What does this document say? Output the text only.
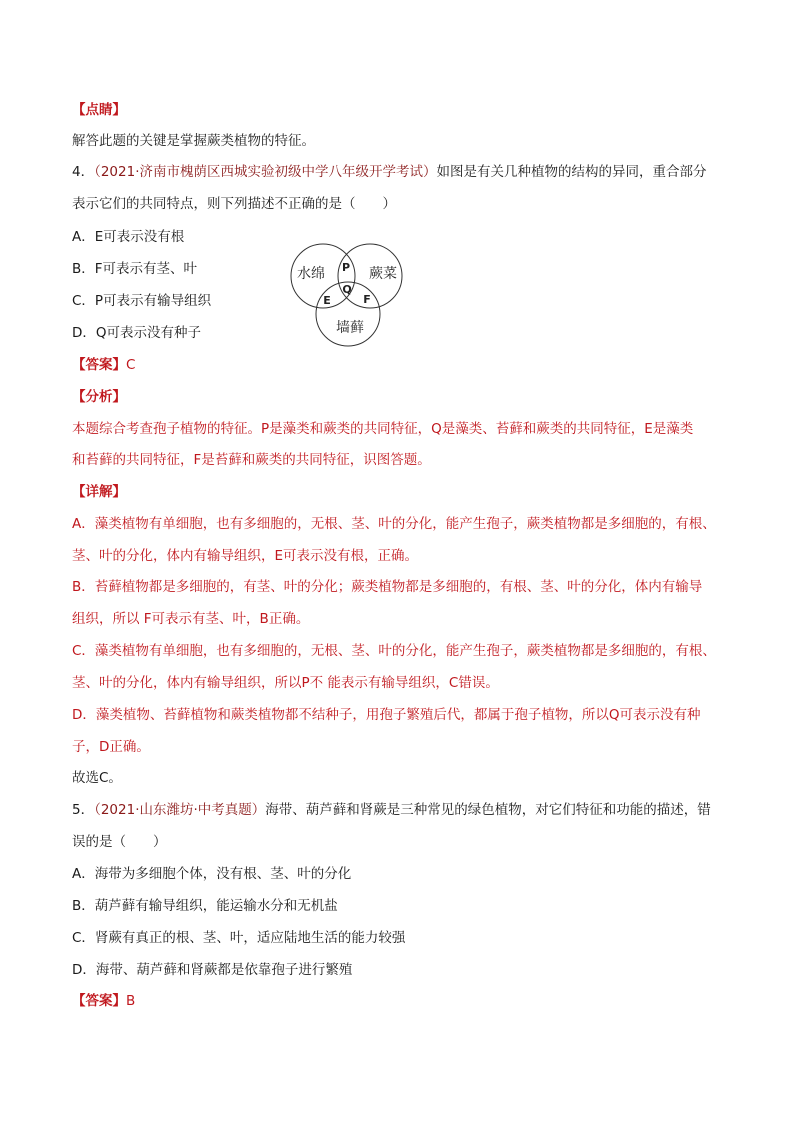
【点睛】
解答此题的关键是掌握蕨类植物的特征。
4．（2021·济南市槐荫区西城实验初级中学八年级开学考试）如图是有关几种植物的结构的异同，重合部分
表示它们的共同特点，则下列描述不正确的是（　　）
A．E可表示没有根
B．F可表示有茎、叶
C．P可表示有输导组织
D．Q可表示没有种子
水绵	蕨菜
墙藓
P
Q
E	F
【答案】C
【分析】
本题综合考查孢子植物的特征。P是藻类和蕨类的共同特征，Q是藻类、苔藓和蕨类的共同特征，E是藻类
和苔藓的共同特征，F是苔藓和蕨类的共同特征，识图答题。
【详解】
A．藻类植物有单细胞，也有多细胞的，无根、茎、叶的分化，能产生孢子，蕨类植物都是多细胞的，有根、
茎、叶的分化，体内有输导组织，E可表示没有根，正确。
B．苔藓植物都是多细胞的，有茎、叶的分化；蕨类植物都是多细胞的，有根、茎、叶的分化，体内有输导
组织，所以 F可表示有茎、叶，B正确。
C．藻类植物有单细胞，也有多细胞的，无根、茎、叶的分化，能产生孢子，蕨类植物都是多细胞的，有根、
茎、叶的分化，体内有输导组织，所以P不 能表示有输导组织，C错误。
D．藻类植物、苔藓植物和蕨类植物都不结种子，用孢子繁殖后代，都属于孢子植物，所以Q可表示没有种
子，D正确。
故选C。
5．（2021·山东潍坊·中考真题）海带、葫芦藓和肾蕨是三种常见的绿色植物，对它们特征和功能的描述，错
误的是（　　）
A．海带为多细胞个体，没有根、茎、叶的分化
B．葫芦藓有输导组织，能运输水分和无机盐
C．肾蕨有真正的根、茎、叶，适应陆地生活的能力较强
D．海带、葫芦藓和肾蕨都是依靠孢子进行繁殖
【答案】B
